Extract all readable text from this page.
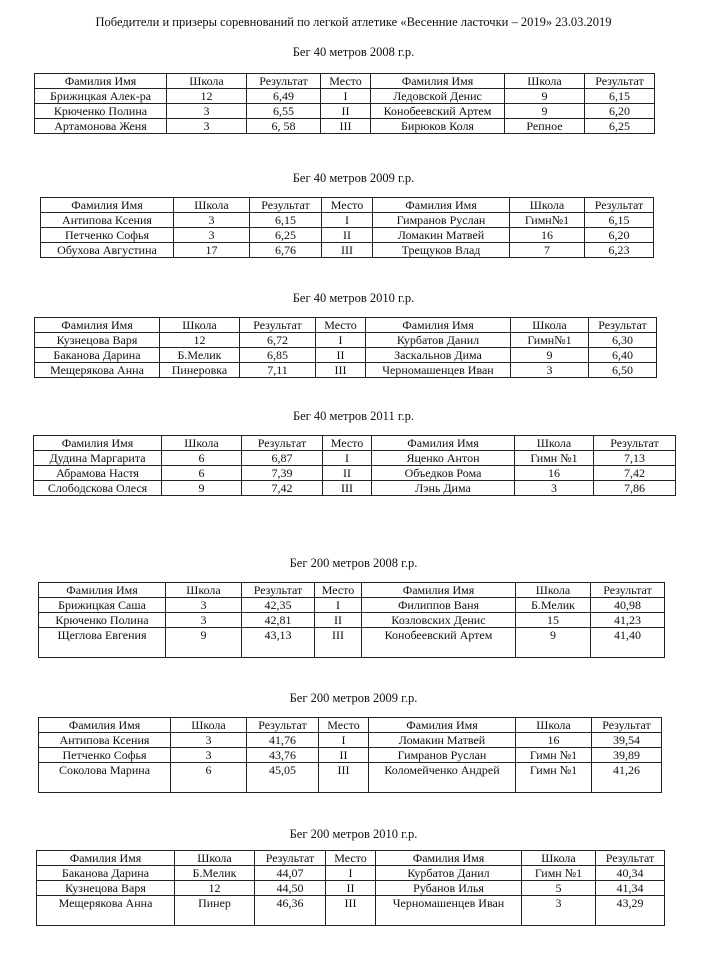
Победители и призеры соревнований по легкой атлетике «Весенние ласточки – 2019» 23.03.2019
Бег 40 метров 2008 г.р.
Фамилия Имя	Школа	Результат	Место	Фамилия Имя	Школа	Результат
Брижицкая Алек-ра	12	6,49	I	Ледовской Денис	9	6,15
Крюченко Полина	3	6,55	II	Конобеевский Артем	9	6,20
Артамонова Женя	3	6, 58	III	Бирюков Коля	Репное	6,25
Бег 40 метров 2009 г.р.
Фамилия Имя	Школа	Результат	Место	Фамилия Имя	Школа	Результат
Антипова Ксения	3	6,15	I	Гимранов Руслан	Гимн№1	6,15
Петченко Софья	3	6,25	II	Ломакин Матвей	16	6,20
Обухова Августина	17	6,76	III	Трещуков Влад	7	6,23
Бег 40 метров 2010 г.р.
Фамилия Имя	Школа	Результат	Место	Фамилия Имя	Школа	Результат
Кузнецова Варя	12	6,72	I	Курбатов Данил	Гимн№1	6,30
Баканова Дарина	Б.Мелик	6,85	II	Заскальнов Дима	9	6,40
Мещерякова Анна	Пинеровка	7,11	III	Черномашенцев Иван	3	6,50
Бег 40 метров 2011 г.р.
Фамилия Имя	Школа	Результат	Место	Фамилия Имя	Школа	Результат
Дудина Маргарита	6	6,87	I	Яценко Антон	Гимн №1	7,13
Абрамова Настя	6	7,39	II	Объедков Рома	16	7,42
Слободскова Олеся	9	7,42	III	Лэнь Дима	3	7,86
Бег 200 метров 2008 г.р.
Фамилия Имя	Школа	Результат	Место	Фамилия Имя	Школа	Результат
Брижицкая Саша	3	42,35	I	Филиппов Ваня	Б.Мелик	40,98
Крюченко Полина	3	42,81	II	Козловских Денис	15	41,23
Щеглова Евгения	9	43,13	III	Конобеевский Артем	9	41,40
Бег 200 метров 2009 г.р.
Фамилия Имя	Школа	Результат	Место	Фамилия Имя	Школа	Результат
Антипова Ксения	3	41,76	I	Ломакин Матвей	16	39,54
Петченко Софья	3	43,76	II	Гимранов Руслан	Гимн №1	39,89
Соколова Марина	6	45,05	III	Коломейченко Андрей	Гимн №1	41,26
Бег 200 метров 2010 г.р.
Фамилия Имя	Школа	Результат	Место	Фамилия Имя	Школа	Результат
Баканова Дарина	Б.Мелик	44,07	I	Курбатов Данил	Гимн №1	40,34
Кузнецова Варя	12	44,50	II	Рубанов Илья	5	41,34
Мещерякова Анна	Пинер	46,36	III	Черномашенцев Иван	3	43,29
